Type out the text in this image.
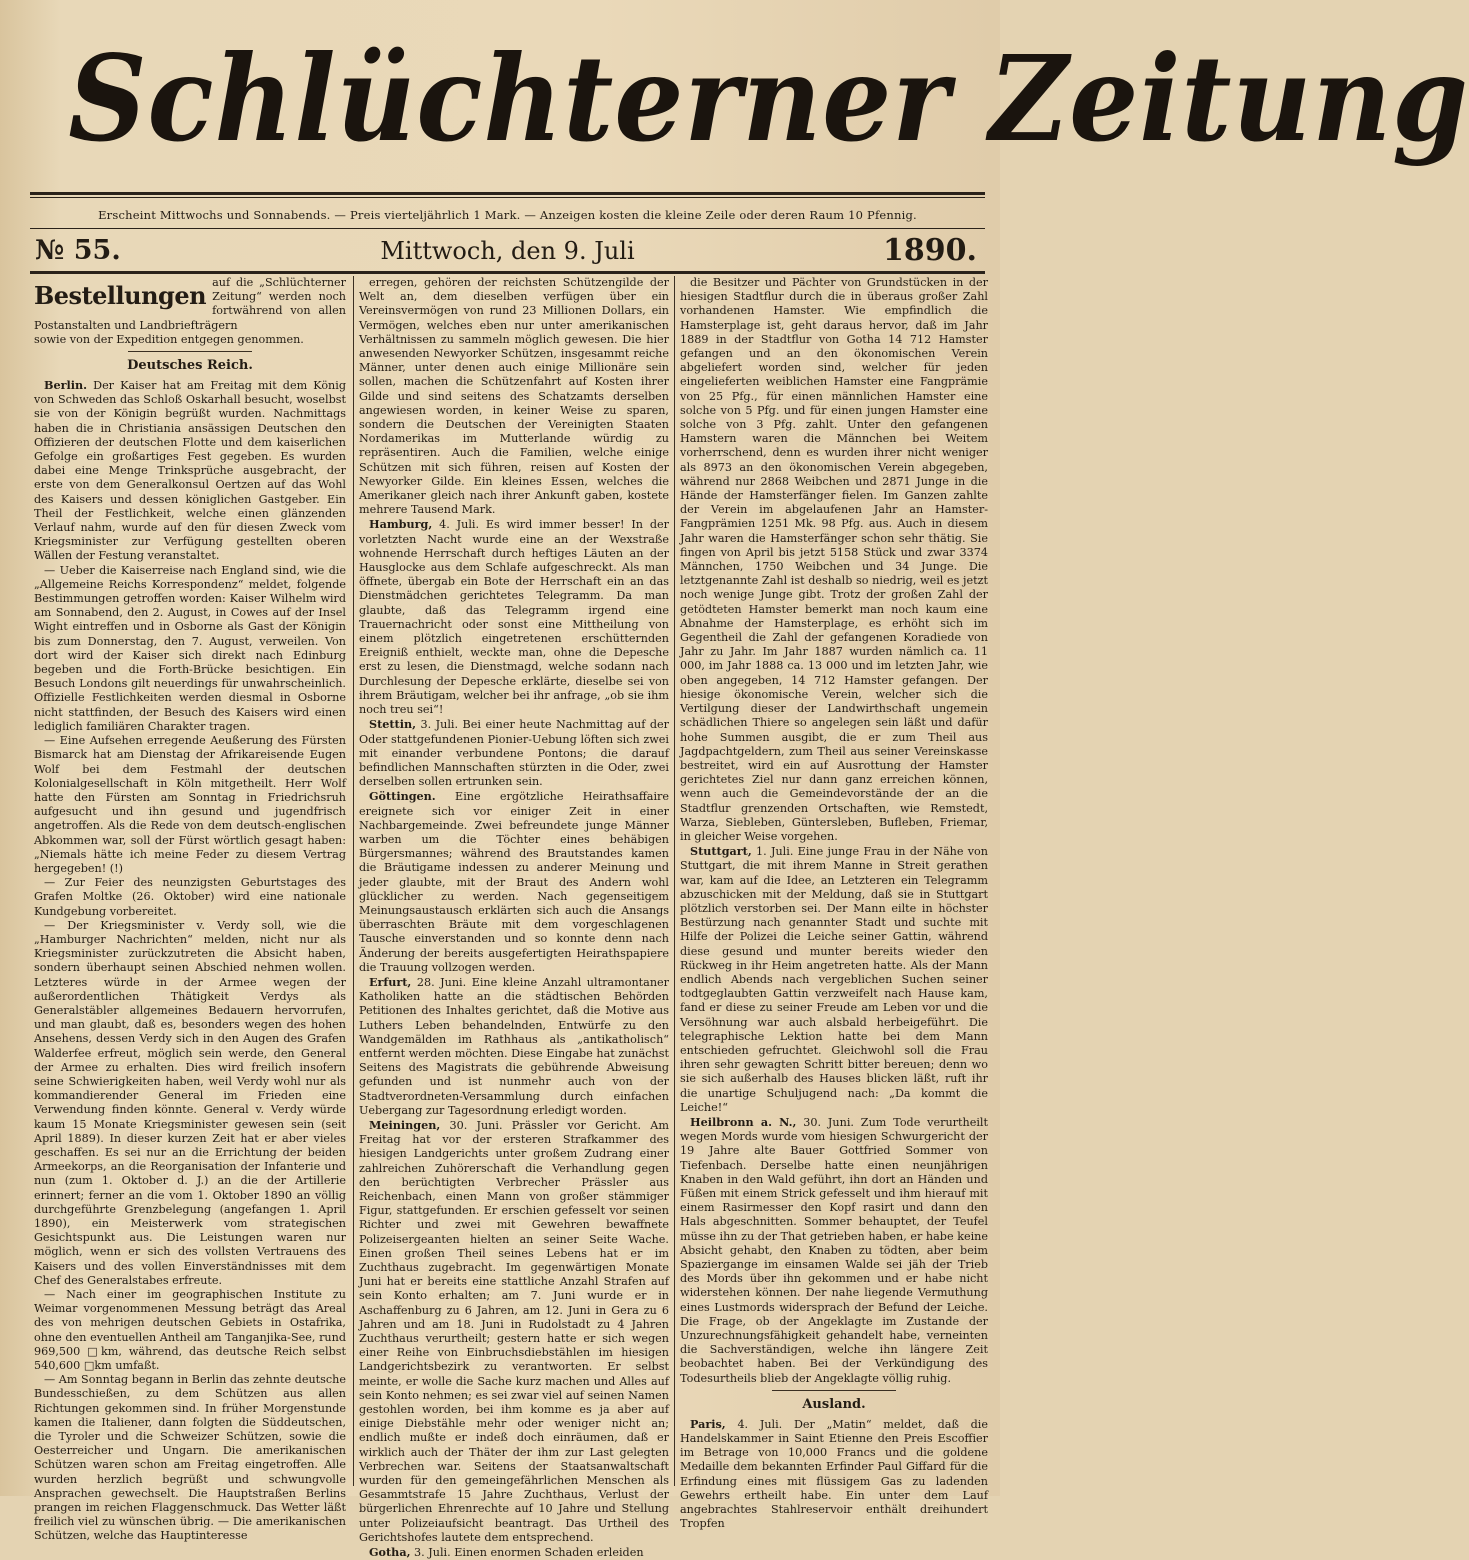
Schlüchterner Zeitung
Erscheint Mittwochs und Sonnabends. — Preis vierteljährlich 1 Mark. — Anzeigen kosten die kleine Zeile oder deren Raum 10 Pfennig.
№ 55.	Mittwoch, den 9. Juli	1890.
Bestellungen auf die „Schlüchterner Zeitung“ werden noch fortwährend von allen Postanstalten und Landbriefträgern
sowie von der Expedition entgegen genommen.
Deutsches Reich.

Berlin. Der Kaiser hat am Freitag mit dem König von Schweden das Schloß Oskarhall besucht, woselbst sie von der Königin begrüßt wurden. Nachmittags haben die in Christiania ansässigen Deutschen den Offizieren der deutschen Flotte und dem kaiserlichen Gefolge ein großartiges Fest gegeben. Es wurden dabei eine Menge Trinksprüche ausgebracht, der erste von dem Generalkonsul Oertzen auf das Wohl des Kaisers und dessen königlichen Gastgeber. Ein Theil der Festlichkeit, welche einen glänzenden Verlauf nahm, wurde auf den für diesen Zweck vom Kriegsminister zur Verfügung gestellten oberen Wällen der Festung veranstaltet.

— Ueber die Kaiserreise nach England sind, wie die „Allgemeine Reichs Korrespondenz“ meldet, folgende Bestimmungen getroffen worden: Kaiser Wilhelm wird am Sonnabend, den 2. August, in Cowes auf der Insel Wight eintreffen und in Osborne als Gast der Königin bis zum Donnerstag, den 7. August, verweilen. Von dort wird der Kaiser sich direkt nach Edinburg begeben und die Forth-Brücke besichtigen. Ein Besuch Londons gilt neuerdings für unwahrscheinlich. Offizielle Festlichkeiten werden diesmal in Osborne nicht stattfinden, der Besuch des Kaisers wird einen lediglich familiären Charakter tragen.

— Eine Aufsehen erregende Aeußerung des Fürsten Bismarck hat am Dienstag der Afrikareisende Eugen Wolf bei dem Festmahl der deutschen Kolonialgesellschaft in Köln mitgetheilt. Herr Wolf hatte den Fürsten am Sonntag in Friedrichsruh aufgesucht und ihn gesund und jugendfrisch angetroffen. Als die Rede von dem deutsch-englischen Abkommen war, soll der Fürst wörtlich gesagt haben: „Niemals hätte ich meine Feder zu diesem Vertrag hergegeben! (!)

— Zur Feier des neunzigsten Geburtstages des Grafen Moltke (26. Oktober) wird eine nationale Kundgebung vorbereitet.

— Der Kriegsminister v. Verdy soll, wie die „Hamburger Nachrichten“ melden, nicht nur als Kriegsminister zurückzutreten die Absicht haben, sondern überhaupt seinen Abschied nehmen wollen. Letzteres würde in der Armee wegen der außerordentlichen Thätigkeit Verdys als Generalstäbler allgemeines Bedauern hervorrufen, und man glaubt, daß es, besonders wegen des hohen Ansehens, dessen Verdy sich in den Augen des Grafen Walderfee erfreut, möglich sein werde, den General der Armee zu erhalten. Dies wird freilich insofern seine Schwierigkeiten haben, weil Verdy wohl nur als kommandierender General im Frieden eine Verwendung finden könnte. General v. Verdy würde kaum 15 Monate Kriegsminister gewesen sein (seit April 1889). In dieser kurzen Zeit hat er aber vieles geschaffen. Es sei nur an die Errichtung der beiden Armeekorps, an die Reorganisation der Infanterie und nun (zum 1. Oktober d. J.) an die der Artillerie erinnert; ferner an die vom 1. Oktober 1890 an völlig durchgeführte Grenzbelegung (angefangen 1. April 1890), ein Meisterwerk vom strategischen Gesichtspunkt aus. Die Leistungen waren nur möglich, wenn er sich des vollsten Vertrauens des Kaisers und des vollen Einverständnisses mit dem Chef des Generalstabes erfreute.

— Nach einer im geographischen Institute zu Weimar vorgenommenen Messung beträgt das Areal des von mehrigen deutschen Gebiets in Ostafrika, ohne den eventuellen Antheil am Tanganjika-See, rund 969,500 □km, während, das deutsche Reich selbst 540,600 □km umfaßt.

— Am Sonntag begann in Berlin das zehnte deutsche Bundesschießen, zu dem Schützen aus allen Richtungen gekommen sind. In früher Morgenstunde kamen die Italiener, dann folgten die Süddeutschen, die Tyroler und die Schweizer Schützen, sowie die Oesterreicher und Ungarn. Die amerikanischen Schützen waren schon am Freitag eingetroffen. Alle wurden herzlich begrüßt und schwungvolle Ansprachen gewechselt. Die Hauptstraßen Berlins prangen im reichen Flaggenschmuck. Das Wetter läßt freilich viel zu wünschen übrig. — Die amerikanischen Schützen, welche das Hauptinteresse

erregen, gehören der reichsten Schützengilde der Welt an, dem dieselben verfügen über ein Vereinsvermögen von rund 23 Millionen Dollars, ein Vermögen, welches eben nur unter amerikanischen Verhältnissen zu sammeln möglich gewesen. Die hier anwesenden Newyorker Schützen, insgesammt reiche Männer, unter denen auch einige Millionäre sein sollen, machen die Schützenfahrt auf Kosten ihrer Gilde und sind seitens des Schatzamts derselben angewiesen worden, in keiner Weise zu sparen, sondern die Deutschen der Vereinigten Staaten Nordamerikas im Mutterlande würdig zu repräsentiren. Auch die Familien, welche einige Schützen mit sich führen, reisen auf Kosten der Newyorker Gilde. Ein kleines Essen, welches die Amerikaner gleich nach ihrer Ankunft gaben, kostete mehrere Tausend Mark.

Hamburg, 4. Juli. Es wird immer besser! In der vorletzten Nacht wurde eine an der Wexstraße wohnende Herrschaft durch heftiges Läuten an der Hausglocke aus dem Schlafe aufgeschreckt. Als man öffnete, übergab ein Bote der Herrschaft ein an das Dienstmädchen gerichtetes Telegramm. Da man glaubte, daß das Telegramm irgend eine Trauernachricht oder sonst eine Mittheilung von einem plötzlich eingetretenen erschütternden Ereigniß enthielt, weckte man, ohne die Depesche erst zu lesen, die Dienstmagd, welche sodann nach Durchlesung der Depesche erklärte, dieselbe sei von ihrem Bräutigam, welcher bei ihr anfrage, „ob sie ihm noch treu sei“!

Stettin, 3. Juli. Bei einer heute Nachmittag auf der Oder stattgefundenen Pionier-Uebung löften sich zwei mit einander verbundene Pontons; die darauf befindlichen Mannschaften stürzten in die Oder, zwei derselben sollen ertrunken sein.

Göttingen. Eine ergötzliche Heirathsaffaire ereignete sich vor einiger Zeit in einer Nachbargemeinde. Zwei befreundete junge Männer warben um die Töchter eines behäbigen Bürgersmannes; während des Brautstandes kamen die Bräutigame indessen zu anderer Meinung und jeder glaubte, mit der Braut des Andern wohl glücklicher zu werden. Nach gegenseitigem Meinungsaustausch erklärten sich auch die Ansangs überraschten Bräute mit dem vorgeschlagenen Tausche einverstanden und so konnte denn nach Änderung der bereits ausgefertigten Heirathspapiere die Trauung vollzogen werden.

Erfurt, 28. Juni. Eine kleine Anzahl ultramontaner Katholiken hatte an die städtischen Behörden Petitionen des Inhaltes gerichtet, daß die Motive aus Luthers Leben behandelnden, Entwürfe zu den Wandgemälden im Rathhaus als „antikatholisch“ entfernt werden möchten. Diese Eingabe hat zunächst Seitens des Magistrats die gebührende Abweisung gefunden und ist nunmehr auch von der Stadtverordneten-Versammlung durch einfachen Uebergang zur Tagesordnung erledigt worden.

Meiningen, 30. Juni. Prässler vor Gericht. Am Freitag hat vor der ersteren Strafkammer des hiesigen Landgerichts unter großem Zudrang einer zahlreichen Zuhörerschaft die Verhandlung gegen den berüchtigten Verbrecher Prässler aus Reichenbach, einen Mann von großer stämmiger Figur, stattgefunden. Er erschien gefesselt vor seinen Richter und zwei mit Gewehren bewaffnete Polizeisergeanten hielten an seiner Seite Wache. Einen großen Theil seines Lebens hat er im Zuchthaus zugebracht. Im gegenwärtigen Monate Juni hat er bereits eine stattliche Anzahl Strafen auf sein Konto erhalten; am 7. Juni wurde er in Aschaffenburg zu 6 Jahren, am 12. Juni in Gera zu 6 Jahren und am 18. Juni in Rudolstadt zu 4 Jahren Zuchthaus verurtheilt; gestern hatte er sich wegen einer Reihe von Einbruchsdiebstählen im hiesigen Landgerichtsbezirk zu verantworten. Er selbst meinte, er wolle die Sache kurz machen und Alles auf sein Konto nehmen; es sei zwar viel auf seinen Namen gestohlen worden, bei ihm komme es ja aber auf einige Diebstähle mehr oder weniger nicht an; endlich mußte er indeß doch einräumen, daß er wirklich auch der Thäter der ihm zur Last gelegten Verbrechen war. Seitens der Staatsanwaltschaft wurden für den gemeingefährlichen Menschen als Gesammtstrafe 15 Jahre Zuchthaus, Verlust der bürgerlichen Ehrenrechte auf 10 Jahre und Stellung unter Polizeiaufsicht beantragt. Das Urtheil des Gerichtshofes lautete dem entsprechend.

Gotha, 3. Juli. Einen enormen Schaden erleiden

die Besitzer und Pächter von Grundstücken in der hiesigen Stadtflur durch die in überaus großer Zahl vorhandenen Hamster. Wie empfindlich die Hamsterplage ist, geht daraus hervor, daß im Jahr 1889 in der Stadtflur von Gotha 14 712 Hamster gefangen und an den ökonomischen Verein abgeliefert worden sind, welcher für jeden eingelieferten weiblichen Hamster eine Fangprämie von 25 Pfg., für einen männlichen Hamster eine solche von 5 Pfg. und für einen jungen Hamster eine solche von 3 Pfg. zahlt. Unter den gefangenen Hamstern waren die Männchen bei Weitem vorherrschend, denn es wurden ihrer nicht weniger als 8973 an den ökonomischen Verein abgegeben, während nur 2868 Weibchen und 2871 Junge in die Hände der Hamsterfänger fielen. Im Ganzen zahlte der Verein im abgelaufenen Jahr an Hamster-Fangprämien 1251 Mk. 98 Pfg. aus. Auch in diesem Jahr waren die Hamsterfänger schon sehr thätig. Sie fingen von April bis jetzt 5158 Stück und zwar 3374 Männchen, 1750 Weibchen und 34 Junge. Die letztgenannte Zahl ist deshalb so niedrig, weil es jetzt noch wenige Junge gibt. Trotz der großen Zahl der getödteten Hamster bemerkt man noch kaum eine Abnahme der Hamsterplage, es erhöht sich im Gegentheil die Zahl der gefangenen Koradiede von Jahr zu Jahr. Im Jahr 1887 wurden nämlich ca. 11 000, im Jahr 1888 ca. 13 000 und im letzten Jahr, wie oben angegeben, 14 712 Hamster gefangen. Der hiesige ökonomische Verein, welcher sich die Vertilgung dieser der Landwirthschaft ungemein schädlichen Thiere so angelegen sein läßt und dafür hohe Summen ausgibt, die er zum Theil aus Jagdpachtgeldern, zum Theil aus seiner Vereinskasse bestreitet, wird ein auf Ausrottung der Hamster gerichtetes Ziel nur dann ganz erreichen können, wenn auch die Gemeindevorstände der an die Stadtflur grenzenden Ortschaften, wie Remstedt, Warza, Siebleben, Güntersleben, Bufleben, Friemar, in gleicher Weise vorgehen.

Stuttgart, 1. Juli. Eine junge Frau in der Nähe von Stuttgart, die mit ihrem Manne in Streit gerathen war, kam auf die Idee, an Letzteren ein Telegramm abzuschicken mit der Meldung, daß sie in Stuttgart plötzlich verstorben sei. Der Mann eilte in höchster Bestürzung nach genannter Stadt und suchte mit Hilfe der Polizei die Leiche seiner Gattin, während diese gesund und munter bereits wieder den Rückweg in ihr Heim angetreten hatte. Als der Mann endlich Abends nach vergeblichen Suchen seiner todtgeglaubten Gattin verzweifelt nach Hause kam, fand er diese zu seiner Freude am Leben vor und die Versöhnung war auch alsbald herbeigeführt. Die telegraphische Lektion hatte bei dem Mann entschieden gefruchtet. Gleichwohl soll die Frau ihren sehr gewagten Schritt bitter bereuen; denn wo sie sich außerhalb des Hauses blicken läßt, ruft ihr die unartige Schuljugend nach: „Da kommt die Leiche!“

Heilbronn a. N., 30. Juni. Zum Tode verurtheilt wegen Mords wurde vom hiesigen Schwurgericht der 19 Jahre alte Bauer Gottfried Sommer von Tiefenbach. Derselbe hatte einen neunjährigen Knaben in den Wald geführt, ihn dort an Händen und Füßen mit einem Strick gefesselt und ihm hierauf mit einem Rasirmesser den Kopf rasirt und dann den Hals abgeschnitten. Sommer behauptet, der Teufel müsse ihn zu der That getrieben haben, er habe keine Absicht gehabt, den Knaben zu tödten, aber beim Spaziergange im einsamen Walde sei jäh der Trieb des Mords über ihn gekommen und er habe nicht widerstehen können. Der nahe liegende Vermuthung eines Lustmords widersprach der Befund der Leiche. Die Frage, ob der Angeklagte im Zustande der Unzurechnungsfähigkeit gehandelt habe, verneinten die Sachverständigen, welche ihn längere Zeit beobachtet haben. Bei der Verkündigung des Todesurtheils blieb der Angeklagte völlig ruhig.

Ausland.

Paris, 4. Juli. Der „Matin“ meldet, daß die Handelskammer in Saint Etienne den Preis Escoffier im Betrage von 10,000 Francs und die goldene Medaille dem bekannten Erfinder Paul Giffard für die Erfindung eines mit flüssigem Gas zu ladenden Gewehrs ertheilt habe. Ein unter dem Lauf angebrachtes Stahlreservoir enthält dreihundert Tropfen
